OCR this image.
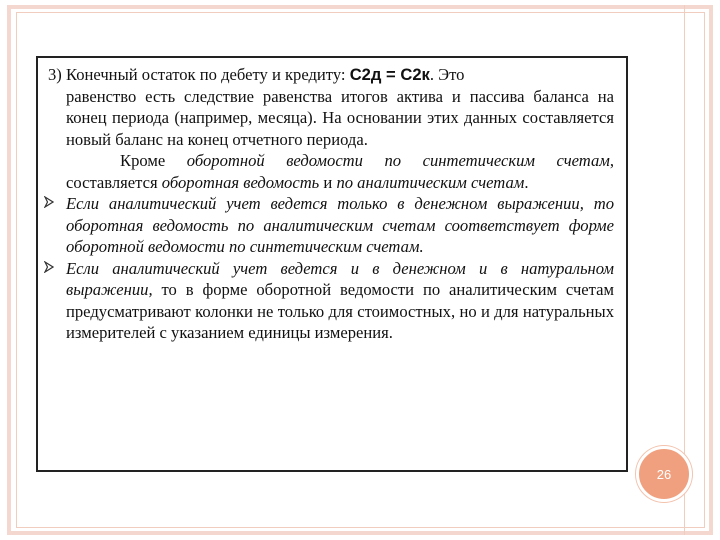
3) Конечный остаток по дебету и кредиту: С2д = С2к. Это

равенство есть следствие равенства итогов актива и пассива баланса на конец периода (например, месяца). На основании этих данных составляется новый баланс на конец отчетного периода.

Кроме оборотной ведомости по синтетическим счетам, составляется оборотная ведомость и по аналитическим счетам.

Если аналитический учет ведется только в денежном выражении, то оборотная ведомость по аналитическим счетам соответствует форме оборотной ведомости по синтетическим счетам.

Если аналитический учет ведется и в денежном и в натуральном выражении, то в форме оборотной ведомости по аналитическим счетам предусматривают колонки не только для стоимостных, но и для натуральных измерителей с указанием единицы измерения.

26
